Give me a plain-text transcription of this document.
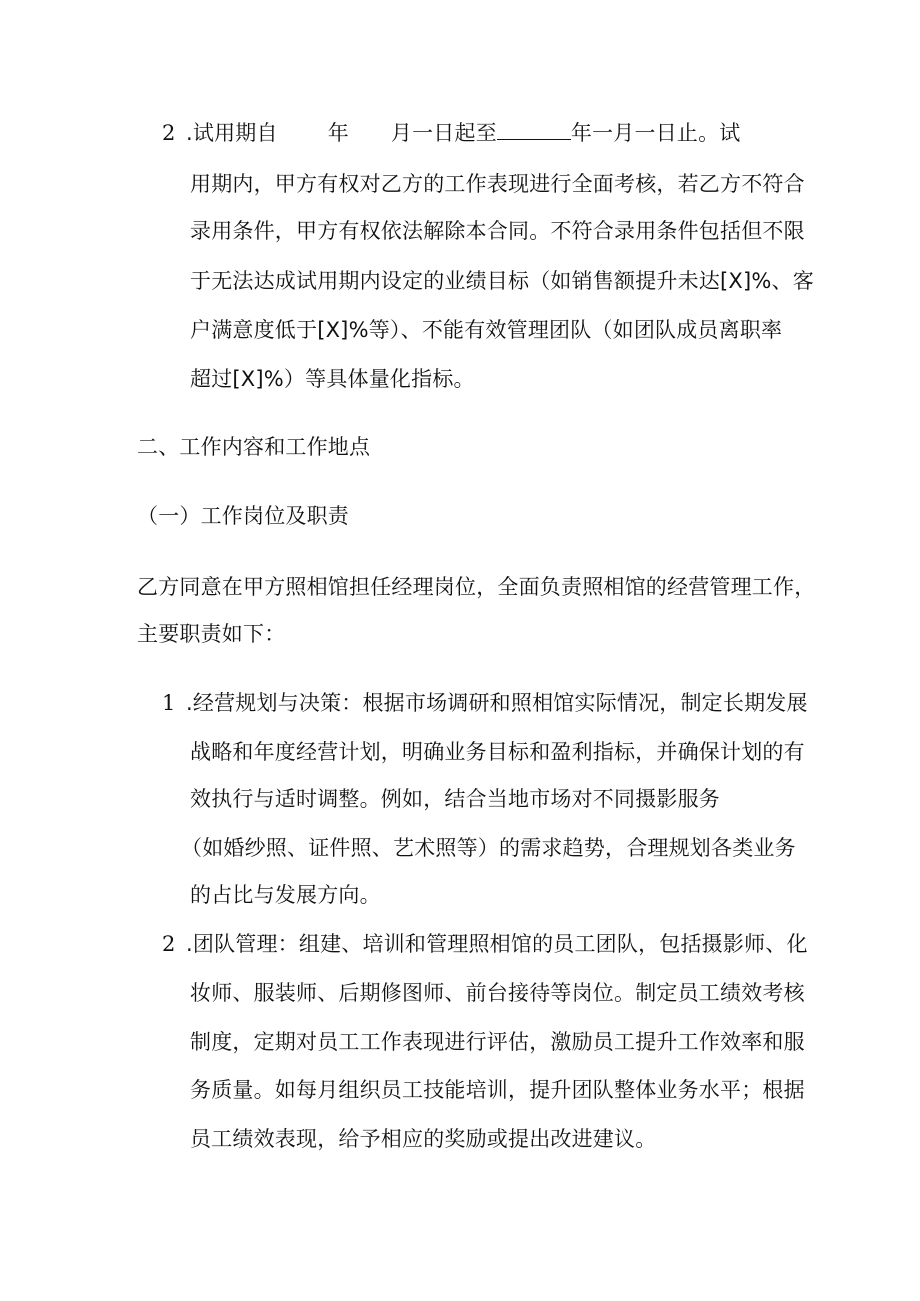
2 .试用期自 年 月一日起至	年一月一日止。试
用期内，甲方有权对乙方的工作表现进行全面考核，若乙方不符合
录用条件，甲方有权依法解除本合同。不符合录用条件包括但不限
于无法达成试用期内设定的业绩目标（如销售额提升未达[X]%、客
户满意度低于[X]%等）、不能有效管理团队（如团队成员离职率
超过[X]%）等具体量化指标。
二、工作内容和工作地点
（一）工作岗位及职责
乙方同意在甲方照相馆担任经理岗位，全面负责照相馆的经营管理工作，
主要职责如下：
1 .经营规划与决策：根据市场调研和照相馆实际情况，制定长期发展
战略和年度经营计划，明确业务目标和盈利指标，并确保计划的有
效执行与适时调整。例如，结合当地市场对不同摄影服务
（如婚纱照、证件照、艺术照等）的需求趋势，合理规划各类业务
的占比与发展方向。
2 .团队管理：组建、培训和管理照相馆的员工团队，包括摄影师、化
妆师、服装师、后期修图师、前台接待等岗位。制定员工绩效考核
制度，定期对员工工作表现进行评估，激励员工提升工作效率和服
务质量。如每月组织员工技能培训，提升团队整体业务水平；根据
员工绩效表现，给予相应的奖励或提出改进建议。
